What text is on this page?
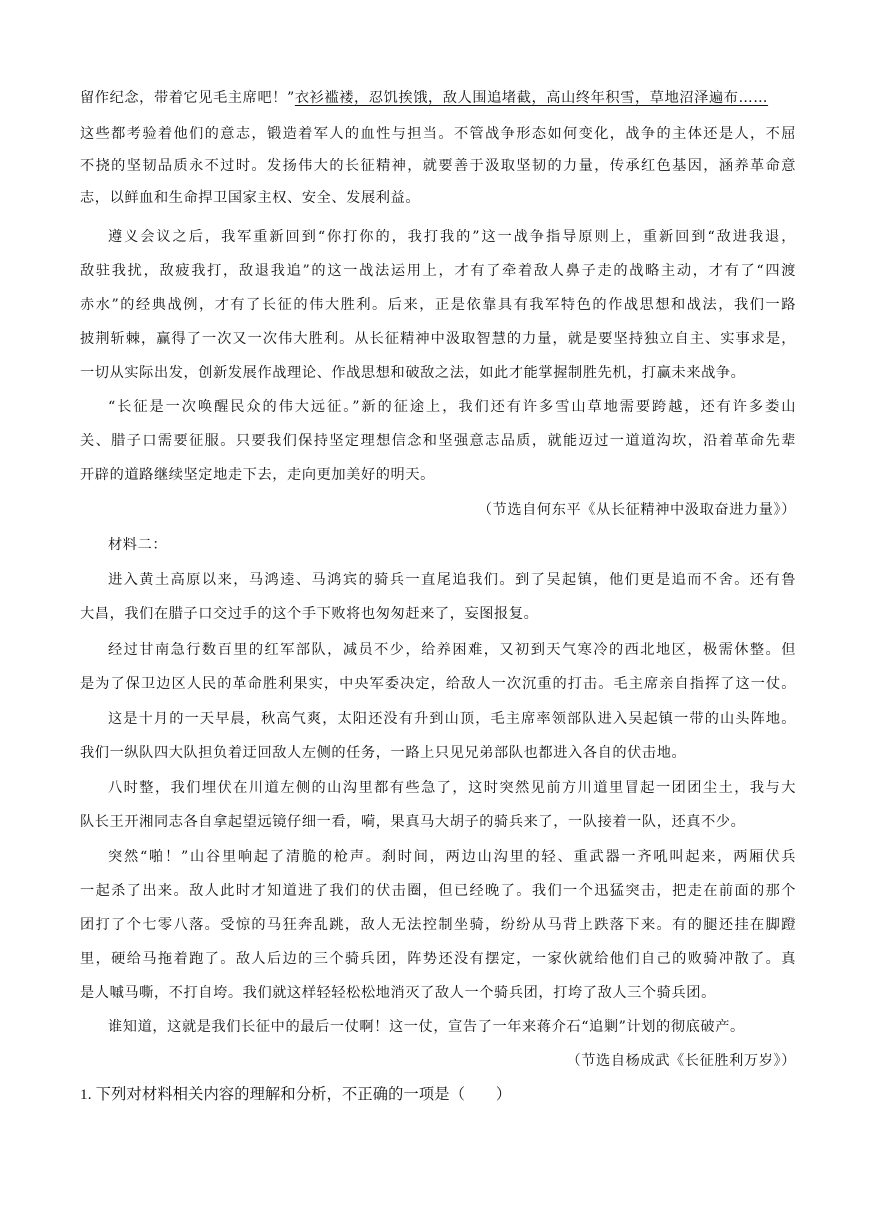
留作纪念，带着它见毛主席吧！”衣衫褴褛，忍饥挨饿，敌人围追堵截，高山终年积雪，草地沼泽遍布……
这些都考验着他们的意志，锻造着军人的血性与担当。不管战争形态如何变化，战争的主体还是人，不屈
不挠的坚韧品质永不过时。发扬伟大的长征精神，就要善于汲取坚韧的力量，传承红色基因，涵养革命意
志，以鲜血和生命捍卫国家主权、安全、发展利益。
遵义会议之后，我军重新回到“你打你的，我打我的”这一战争指导原则上，重新回到“敌进我退，
敌驻我扰，敌疲我打，敌退我追”的这一战法运用上，才有了牵着敌人鼻子走的战略主动，才有了“四渡
赤水”的经典战例，才有了长征的伟大胜利。后来，正是依靠具有我军特色的作战思想和战法，我们一路
披荆斩棘，赢得了一次又一次伟大胜利。从长征精神中汲取智慧的力量，就是要坚持独立自主、实事求是，
一切从实际出发，创新发展作战理论、作战思想和破敌之法，如此才能掌握制胜先机，打赢未来战争。
“长征是一次唤醒民众的伟大远征。”新的征途上，我们还有许多雪山草地需要跨越，还有许多娄山
关、腊子口需要征服。只要我们保持坚定理想信念和坚强意志品质，就能迈过一道道沟坎，沿着革命先辈
开辟的道路继续坚定地走下去，走向更加美好的明天。
（节选自何东平《从长征精神中汲取奋进力量》）
材料二：
进入黄土高原以来，马鸿逵、马鸿宾的骑兵一直尾追我们。到了吴起镇，他们更是追而不舍。还有鲁
大昌，我们在腊子口交过手的这个手下败将也匆匆赶来了，妄图报复。
经过甘南急行数百里的红军部队，减员不少，给养困难，又初到天气寒冷的西北地区，极需休整。但
是为了保卫边区人民的革命胜利果实，中央军委决定，给敌人一次沉重的打击。毛主席亲自指挥了这一仗。
这是十月的一天早晨，秋高气爽，太阳还没有升到山顶，毛主席率领部队进入吴起镇一带的山头阵地。
我们一纵队四大队担负着迂回敌人左侧的任务，一路上只见兄弟部队也都进入各自的伏击地。
八时整，我们埋伏在川道左侧的山沟里都有些急了，这时突然见前方川道里冒起一团团尘土，我与大
队长王开湘同志各自拿起望远镜仔细一看，嗬，果真马大胡子的骑兵来了，一队接着一队，还真不少。
突然“啪！”山谷里响起了清脆的枪声。刹时间，两边山沟里的轻、重武器一齐吼叫起来，两厢伏兵
一起杀了出来。敌人此时才知道进了我们的伏击圈，但已经晚了。我们一个迅猛突击，把走在前面的那个
团打了个七零八落。受惊的马狂奔乱跳，敌人无法控制坐骑，纷纷从马背上跌落下来。有的腿还挂在脚蹬
里，硬给马拖着跑了。敌人后边的三个骑兵团，阵势还没有摆定，一家伙就给他们自己的败骑冲散了。真
是人嘁马嘶，不打自垮。我们就这样轻轻松松地消灭了敌人一个骑兵团，打垮了敌人三个骑兵团。
谁知道，这就是我们长征中的最后一仗啊！这一仗，宣告了一年来蒋介石“追剿”计划的彻底破产。
（节选自杨成武《长征胜利万岁》）
1. 下列对材料相关内容的理解和分析，不正确的一项是（　　）
